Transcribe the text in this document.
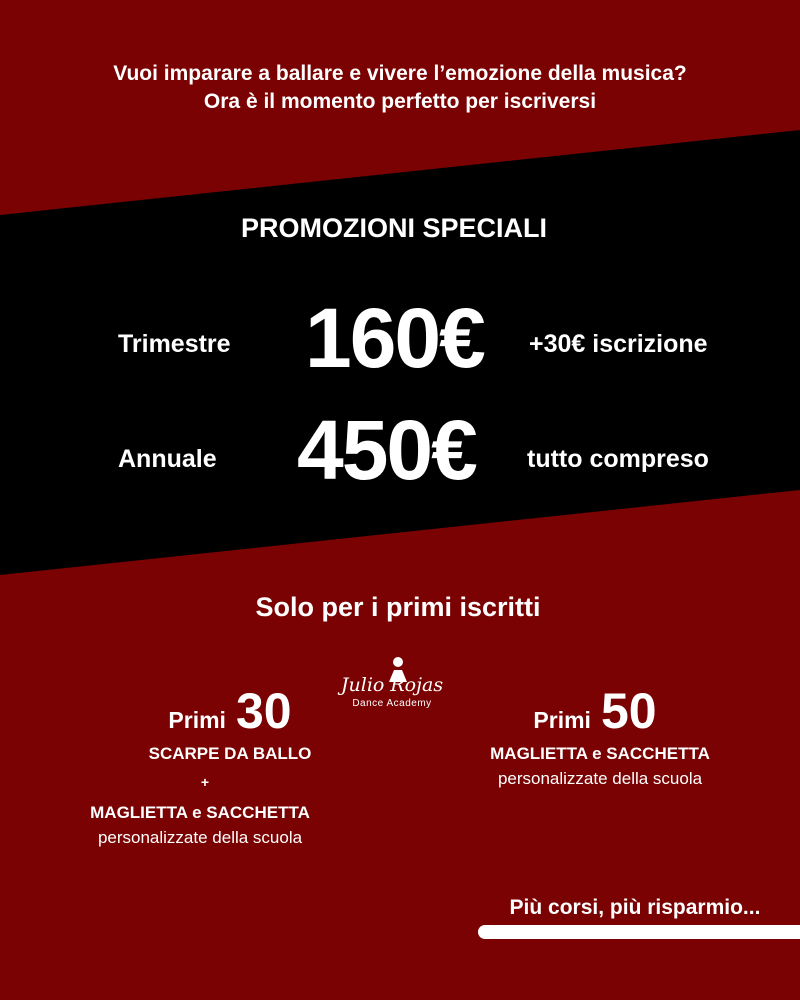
Vuoi imparare a ballare e vivere l’emozione della musica?
Ora è il momento perfetto per iscriversi
PROMOZIONI SPECIALI
Trimestre 160€ +30€ iscrizione
Annuale 450€ tutto compreso
Solo per i primi iscritti
Julio Rojas
Dance Academy
Primi 30
SCARPE DA BALLO
+
MAGLIETTA e SACCHETTA
personalizzate della scuola
Primi 50
MAGLIETTA e SACCHETTA
personalizzate della scuola
Più corsi, più risparmio...
